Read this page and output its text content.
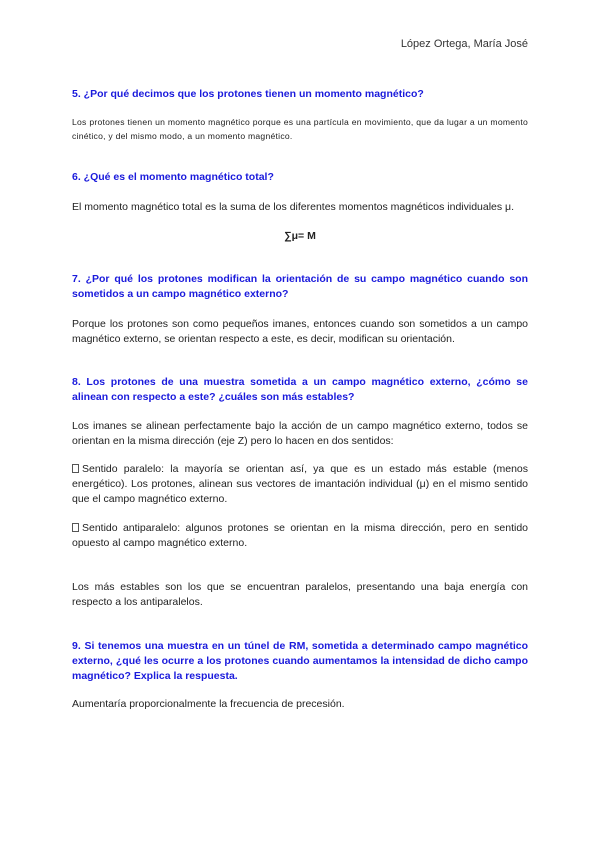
López Ortega, María José
5. ¿Por qué decimos que los protones tienen un momento magnético?
Los protones tienen un momento magnético porque es una partícula en movimiento, que da lugar a un momento cinético, y del mismo modo, a un momento magnético.
6. ¿Qué es el momento magnético total?
El momento magnético total es la suma de los diferentes momentos magnéticos individuales μ.
∑μ= M
7. ¿Por qué los protones modifican la orientación de su campo magnético cuando son sometidos a un campo magnético externo?
Porque los protones son como pequeños imanes, entonces cuando son sometidos a un campo magnético externo, se orientan respecto a este, es decir, modifican su orientación.
8. Los protones de una muestra sometida a un campo magnético externo, ¿cómo se alinean con respecto a este? ¿cuáles son más estables?
Los imanes se alinean perfectamente bajo la acción de un campo magnético externo, todos se orientan en la misma dirección (eje Z) pero lo hacen en dos sentidos:
Sentido paralelo: la mayoría se orientan así, ya que es un estado más estable (menos energético). Los protones, alinean sus vectores de imantación individual (μ) en el mismo sentido que el campo magnético externo.
Sentido antiparalelo: algunos protones se orientan en la misma dirección, pero en sentido opuesto al campo magnético externo.
Los más estables son los que se encuentran paralelos, presentando una baja energía con respecto a los antiparalelos.
9. Si tenemos una muestra en un túnel de RM, sometida a determinado campo magnético externo, ¿qué les ocurre a los protones cuando aumentamos la intensidad de dicho campo magnético? Explica la respuesta.
Aumentaría proporcionalmente la frecuencia de precesión.
